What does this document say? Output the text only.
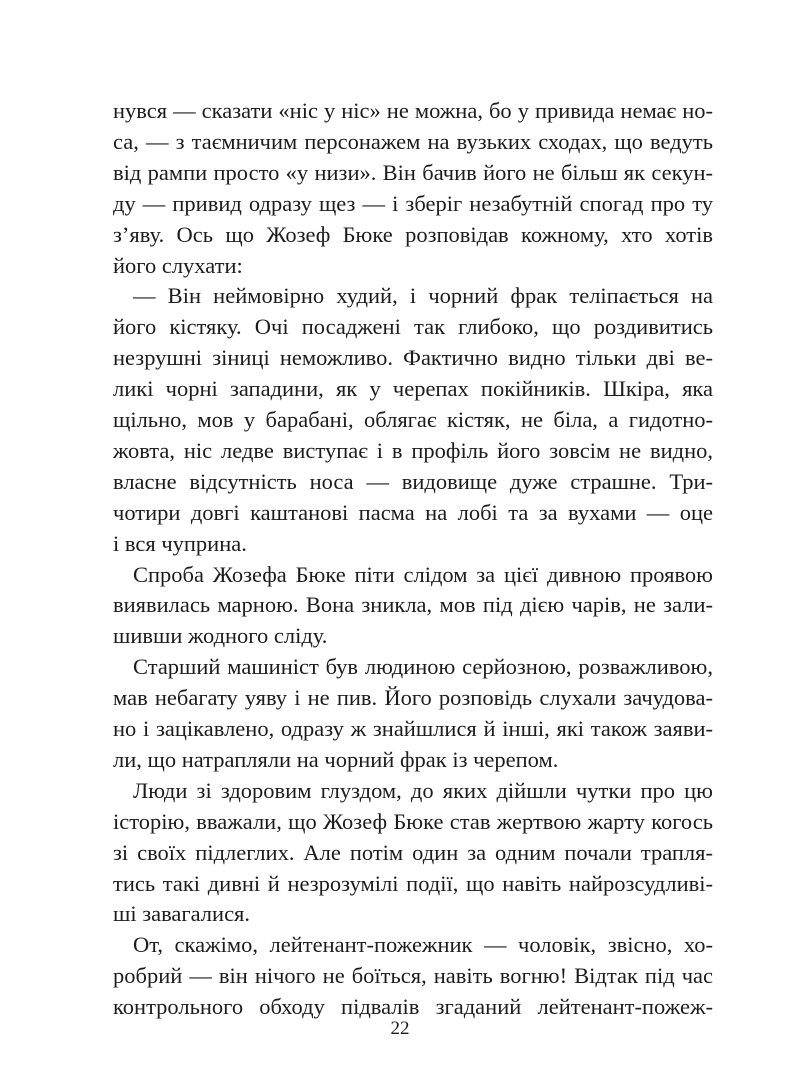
нувся — сказати «ніс у ніс» не можна, бо у привида немає но-
са, — з таємничим персонажем на вузьких сходах, що ведуть
від рампи просто «у низи». Він бачив його не більш як секун-
ду — привид одразу щез — і зберіг незабутній спогад про ту
з’яву. Ось що Жозеф Бюке розповідав кожному, хто хотів
його слухати:
— Він неймовірно худий, і чорний фрак теліпається на
його кістяку. Очі посаджені так глибоко, що роздивитись
незрушні зіниці неможливо. Фактично видно тільки дві ве-
ликі чорні западини, як у черепах покійників. Шкіра, яка
щільно, мов у барабані, облягає кістяк, не біла, а гидотно-
жовта, ніс ледве виступає і в профіль його зовсім не видно,
власне відсутність носа — видовище дуже страшне. Три-
чотири довгі каштанові пасма на лобі та за вухами — оце
і вся чуприна.
Спроба Жозефа Бюке піти слідом за цієї дивною проявою
виявилась марною. Вона зникла, мов під дією чарів, не зали-
шивши жодного сліду.
Старший машиніст був людиною серйозною, розважливою,
мав небагату уяву і не пив. Його розповідь слухали зачудова-
но і зацікавлено, одразу ж знайшлися й інші, які також заяви-
ли, що натрапляли на чорний фрак із черепом.
Люди зі здоровим глуздом, до яких дійшли чутки про цю
історію, вважали, що Жозеф Бюке став жертвою жарту когось
зі своїх підлеглих. Але потім один за одним почали трапля-
тись такі дивні й незрозумілі події, що навіть найрозсудливі-
ші завагалися.
От, скажімо, лейтенант-пожежник — чоловік, звісно, хо-
робрий — він нічого не боїться, навіть вогню! Відтак під час
контрольного обходу підвалів згаданий лейтенант-пожеж-
22
